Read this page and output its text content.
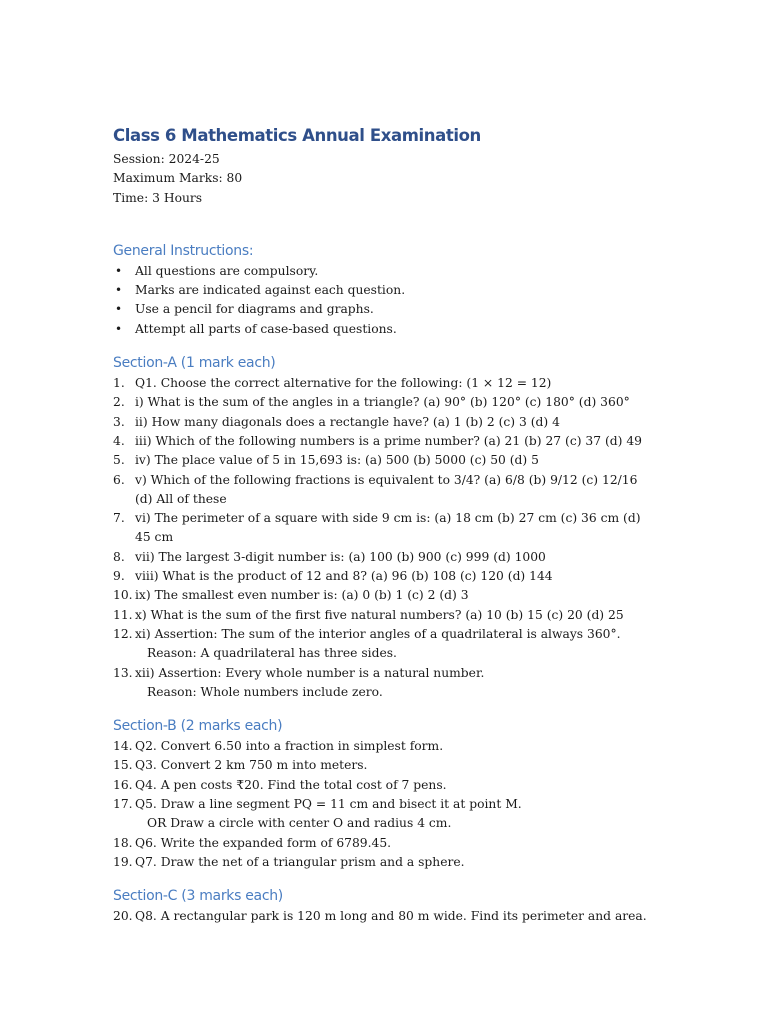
Class 6 Mathematics Annual Examination
Session: 2024-25
Maximum Marks: 80
Time: 3 Hours
General Instructions:
• All questions are compulsory.
• Marks are indicated against each question.
• Use a pencil for diagrams and graphs.
• Attempt all parts of case-based questions.
Section-A (1 mark each)
1. Q1. Choose the correct alternative for the following: (1 × 12 = 12)
2. i) What is the sum of the angles in a triangle? (a) 90° (b) 120° (c) 180° (d) 360°
3. ii) How many diagonals does a rectangle have? (a) 1 (b) 2 (c) 3 (d) 4
4. iii) Which of the following numbers is a prime number? (a) 21 (b) 27 (c) 37 (d) 49
5. iv) The place value of 5 in 15,693 is: (a) 500 (b) 5000 (c) 50 (d) 5
6. v) Which of the following fractions is equivalent to 3/4? (a) 6/8 (b) 9/12 (c) 12/16 (d) All of these
7. vi) The perimeter of a square with side 9 cm is: (a) 18 cm (b) 27 cm (c) 36 cm (d) 45 cm
8. vii) The largest 3-digit number is: (a) 100 (b) 900 (c) 999 (d) 1000
9. viii) What is the product of 12 and 8? (a) 96 (b) 108 (c) 120 (d) 144
10. ix) The smallest even number is: (a) 0 (b) 1 (c) 2 (d) 3
11. x) What is the sum of the first five natural numbers? (a) 10 (b) 15 (c) 20 (d) 25
12. xi) Assertion: The sum of the interior angles of a quadrilateral is always 360°.
Reason: A quadrilateral has three sides.
13. xii) Assertion: Every whole number is a natural number.
Reason: Whole numbers include zero.
Section-B (2 marks each)
14. Q2. Convert 6.50 into a fraction in simplest form.
15. Q3. Convert 2 km 750 m into meters.
16. Q4. A pen costs ₹20. Find the total cost of 7 pens.
17. Q5. Draw a line segment PQ = 11 cm and bisect it at point M.
OR Draw a circle with center O and radius 4 cm.
18. Q6. Write the expanded form of 6789.45.
19. Q7. Draw the net of a triangular prism and a sphere.
Section-C (3 marks each)
20. Q8. A rectangular park is 120 m long and 80 m wide. Find its perimeter and area.
